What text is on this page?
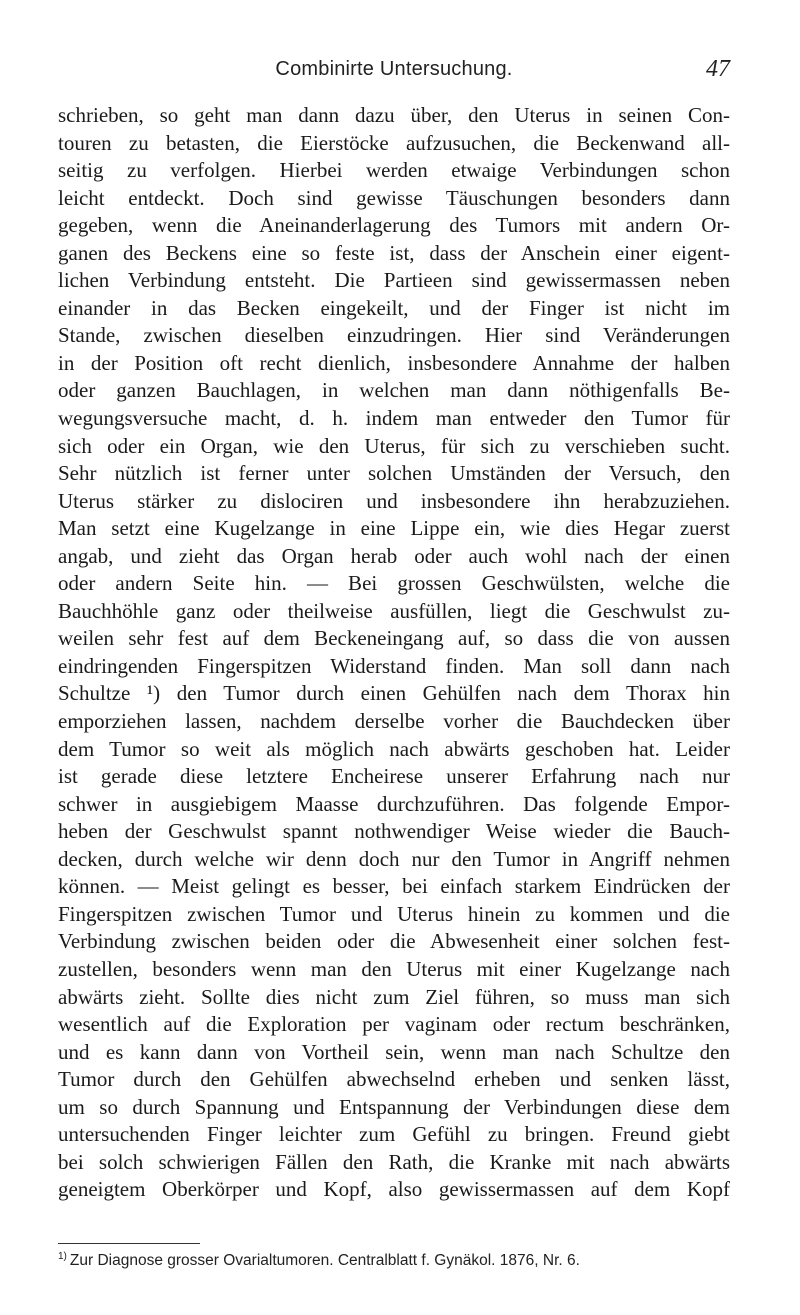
Combinirte Untersuchung.	47
schrieben, so geht man dann dazu über, den Uterus in seinen Con-
touren zu betasten, die Eierstöcke aufzusuchen, die Beckenwand all-
seitig zu verfolgen. Hierbei werden etwaige Verbindungen schon
leicht entdeckt. Doch sind gewisse Täuschungen besonders dann
gegeben, wenn die Aneinanderlagerung des Tumors mit andern Or-
ganen des Beckens eine so feste ist, dass der Anschein einer eigent-
lichen Verbindung entsteht. Die Partieen sind gewissermassen neben
einander in das Becken eingekeilt, und der Finger ist nicht im
Stande, zwischen dieselben einzudringen. Hier sind Veränderungen
in der Position oft recht dienlich, insbesondere Annahme der halben
oder ganzen Bauchlagen, in welchen man dann nöthigenfalls Be-
wegungsversuche macht, d. h. indem man entweder den Tumor für
sich oder ein Organ, wie den Uterus, für sich zu verschieben sucht.
Sehr nützlich ist ferner unter solchen Umständen der Versuch, den
Uterus stärker zu dislociren und insbesondere ihn herabzuziehen.
Man setzt eine Kugelzange in eine Lippe ein, wie dies Hegar zuerst
angab, und zieht das Organ herab oder auch wohl nach der einen
oder andern Seite hin. — Bei grossen Geschwülsten, welche die
Bauchhöhle ganz oder theilweise ausfüllen, liegt die Geschwulst zu-
weilen sehr fest auf dem Beckeneingang auf, so dass die von aussen
eindringenden Fingerspitzen Widerstand finden. Man soll dann nach
Schultze ¹) den Tumor durch einen Gehülfen nach dem Thorax hin
emporziehen lassen, nachdem derselbe vorher die Bauchdecken über
dem Tumor so weit als möglich nach abwärts geschoben hat. Leider
ist gerade diese letztere Encheirese unserer Erfahrung nach nur
schwer in ausgiebigem Maasse durchzuführen. Das folgende Empor-
heben der Geschwulst spannt nothwendiger Weise wieder die Bauch-
decken, durch welche wir denn doch nur den Tumor in Angriff nehmen
können. — Meist gelingt es besser, bei einfach starkem Eindrücken der
Fingerspitzen zwischen Tumor und Uterus hinein zu kommen und die
Verbindung zwischen beiden oder die Abwesenheit einer solchen fest-
zustellen, besonders wenn man den Uterus mit einer Kugelzange nach
abwärts zieht. Sollte dies nicht zum Ziel führen, so muss man sich
wesentlich auf die Exploration per vaginam oder rectum beschränken,
und es kann dann von Vortheil sein, wenn man nach Schultze den
Tumor durch den Gehülfen abwechselnd erheben und senken lässt,
um so durch Spannung und Entspannung der Verbindungen diese dem
untersuchenden Finger leichter zum Gefühl zu bringen. Freund giebt
bei solch schwierigen Fällen den Rath, die Kranke mit nach abwärts
geneigtem Oberkörper und Kopf, also gewissermassen auf dem Kopf
$^{1)}$ Zur Diagnose grosser Ovarialtumoren. Centralblatt f. Gynäkol. 1876, Nr. 6.
